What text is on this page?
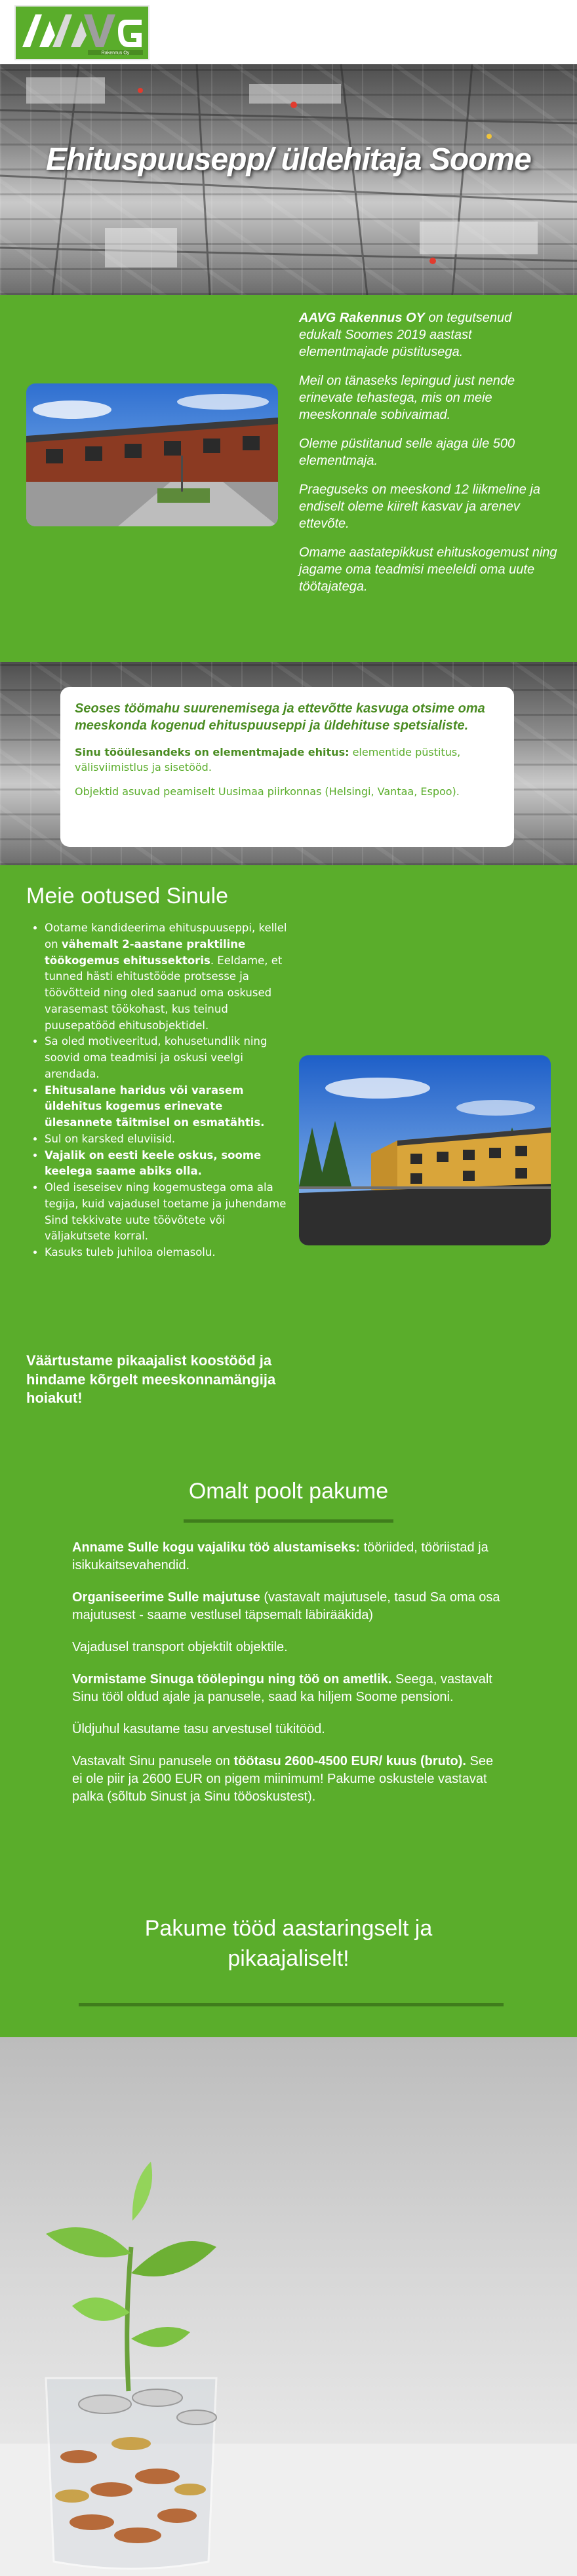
Rakennus Oy
Ehituspuusepp/ üldehitaja Soome

AAVG Rakennus OY on tegutsenud edukalt Soomes 2019 aastast elementmajade püstitusega.

Meil on tänaseks lepingud just nende erinevate tehastega, mis on meie meeskonnale sobivaimad.

Oleme püstitanud selle ajaga üle 500 elementmaja.

Praeguseks on meeskond 12 liikmeline ja endiselt oleme kiirelt kasvav ja arenev ettevõte.

Omame aastatepikkust ehituskogemust ning jagame oma teadmisi meeleldi oma uute töötajatega.

Seoses töömahu suurenemisega ja ettevõtte kasvuga otsime oma meeskonda kogenud ehituspuuseppi ja üldehituse spetsialiste.

Sinu tööülesandeks on elementmajade ehitus: elementide püstitus, välisviimistlus ja sisetööd.

Objektid asuvad peamiselt Uusimaa piirkonnas (Helsingi, Vantaa, Espoo).

Meie ootused Sinule
• Ootame kandideerima ehituspuuseppi, kellel on vähemalt 2-aastane praktiline töökogemus ehitussektoris. Eeldame, et tunned hästi ehitustööde protsesse ja töövõtteid ning oled saanud oma oskused varasemast töökohast, kus teinud puusepatööd ehitusobjektidel.
• Sa oled motiveeritud, kohusetundlik ning soovid oma teadmisi ja oskusi veelgi arendada.
• Ehitusalane haridus või varasem üldehitus kogemus erinevate ülesannete täitmisel on esmatähtis.
• Sul on karsked eluviisid.
• Vajalik on eesti keele oskus, soome keelega saame abiks olla.
• Oled iseseisev ning kogemustega oma ala tegija, kuid vajadusel toetame ja juhendame Sind tekkivate uute töövõtete või väljakutsete korral.
• Kasuks tuleb juhiloa olemasolu.
Väärtustame pikaajalist koostööd ja hindame kõrgelt meeskonnamängija hoiakut!
Omalt poolt pakume

Anname Sulle kogu vajaliku töö alustamiseks: tööriided, tööriistad ja isikukaitsevahendid.

Organiseerime Sulle majutuse (vastavalt majutusele, tasud Sa oma osa majutusest - saame vestlusel täpsemalt läbirääkida)

Vajadusel transport objektilt objektile.

Vormistame Sinuga töölepingu ning töö on ametlik. Seega, vastavalt Sinu tööl oldud ajale ja panusele, saad ka hiljem Soome pensioni.

Üldjuhul kasutame tasu arvestusel tükitööd.

Vastavalt Sinu panusele on töötasu 2600-4500 EUR/ kuus (bruto). See ei ole piir ja 2600 EUR on pigem miinimum! Pakume oskustele vastavat palka (sõltub Sinust ja Sinu tööoskustest).

Pakume tööd aastaringselt ja pikaajaliselt!
